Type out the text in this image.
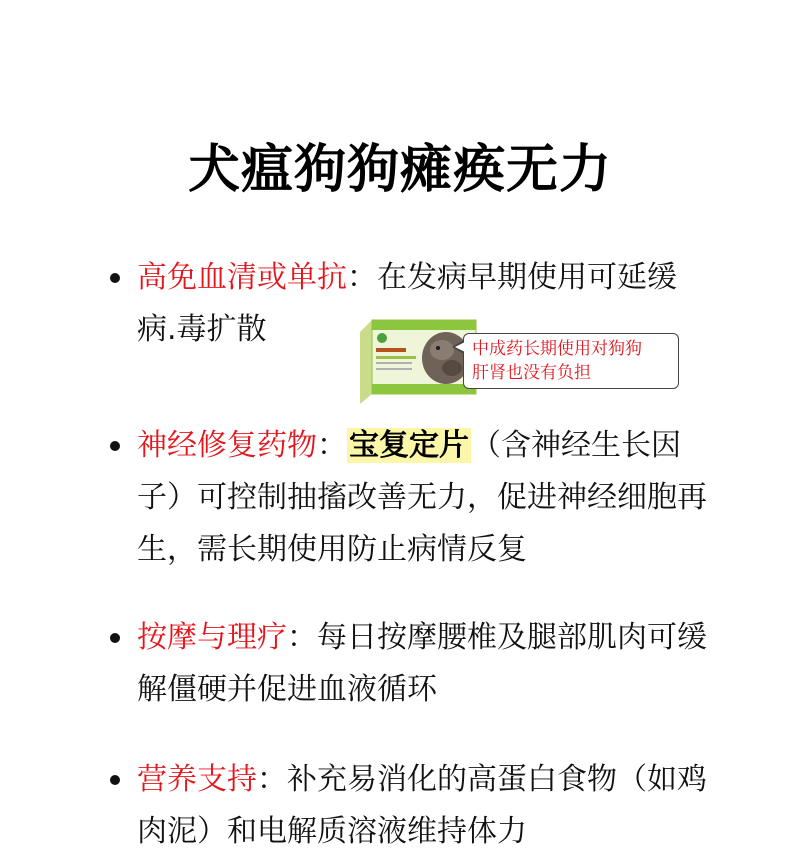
犬瘟狗狗瘫痪无力
高免血清或单抗：在发病早期使用可延缓病.毒扩散
中成药长期使用对狗狗
肝肾也没有负担
神经修复药物：宝复定片（含神经生长因子）可控制抽搐改善无力，促进神经细胞再生，需长期使用防止病情反复
按摩与理疗：每日按摩腰椎及腿部肌肉可缓解僵硬并促进血液循环
营养支持：补充易消化的高蛋白食物（如鸡肉泥）和电解质溶液维持体力
